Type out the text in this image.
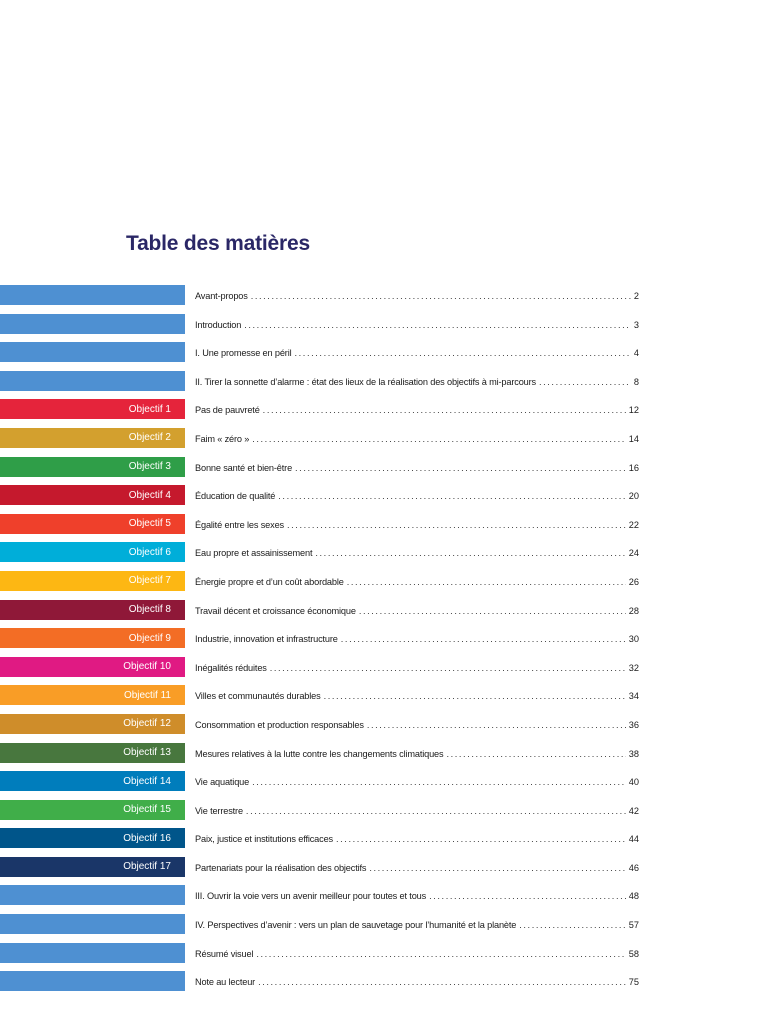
Table des matières
Avant-propos .....	2
Introduction .....	3
I. Une promesse en péril .....	4
II. Tirer la sonnette d’alarme : état des lieux de la réalisation des objectifs à mi-parcours .....	8
Objectif 1	Pas de pauvreté .....	12
Objectif 2	Faim « zéro » .....	14
Objectif 3	Bonne santé et bien-être .....	16
Objectif 4	Éducation de qualité .....	20
Objectif 5	Égalité entre les sexes .....	22
Objectif 6	Eau propre et assainissement .....	24
Objectif 7	Énergie propre et d’un coût abordable .....	26
Objectif 8	Travail décent et croissance économique .....	28
Objectif 9	Industrie, innovation et infrastructure .....	30
Objectif 10	Inégalités réduites .....	32
Objectif 11	Villes et communautés durables .....	34
Objectif 12	Consommation et production responsables .....	36
Objectif 13	Mesures relatives à la lutte contre les changements climatiques .....	38
Objectif 14	Vie aquatique .....	40
Objectif 15	Vie terrestre .....	42
Objectif 16	Paix, justice et institutions efficaces .....	44
Objectif 17	Partenariats pour la réalisation des objectifs .....	46
III. Ouvrir la voie vers un avenir meilleur pour toutes et tous .....	48
IV. Perspectives d’avenir : vers un plan de sauvetage pour l’humanité et la planète .....	57
Résumé visuel .....	58
Note au lecteur .....	75
